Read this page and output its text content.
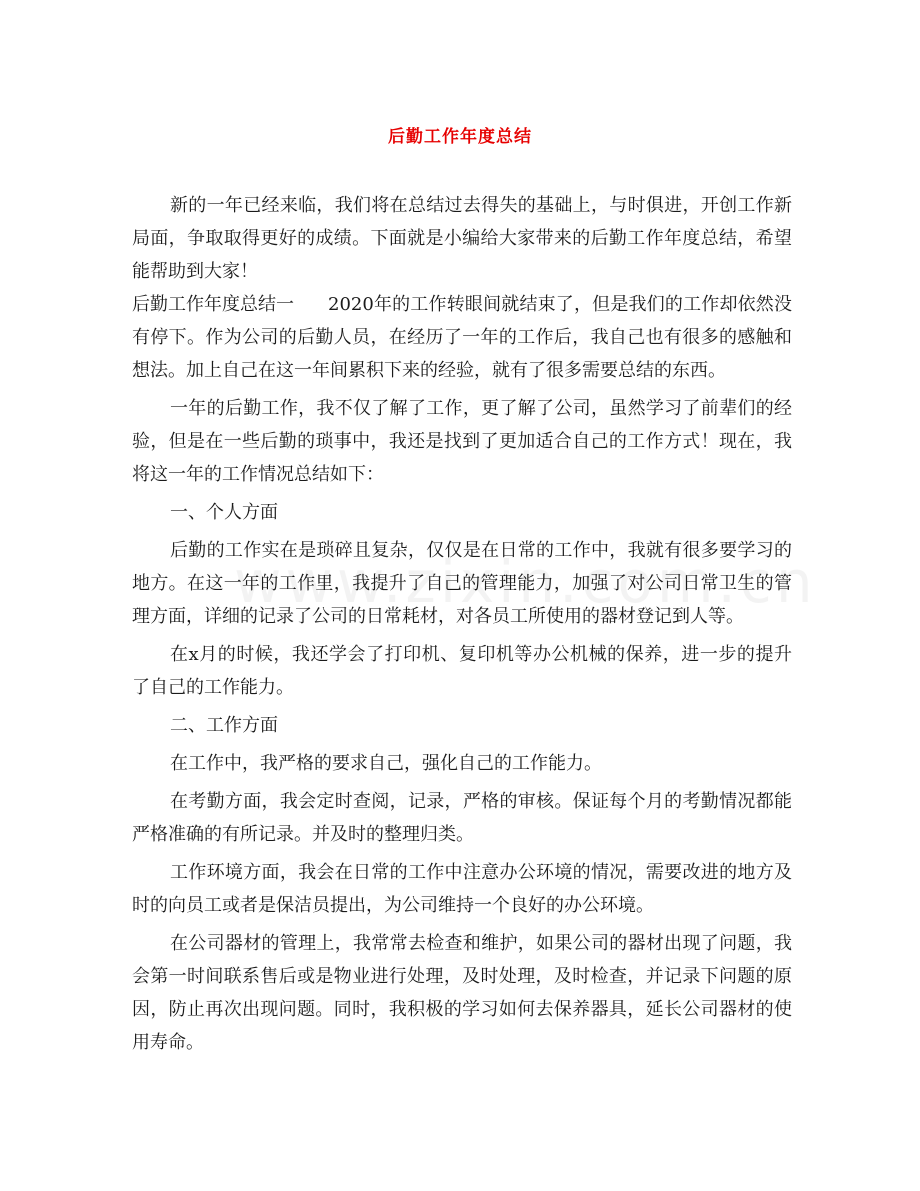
后勤工作年度总结

新的一年已经来临，我们将在总结过去得失的基础上，与时俱进，开创工作新局面，争取取得更好的成绩。下面就是小编给大家带来的后勤工作年度总结，希望能帮助到大家！

后勤工作年度总结一 2020年的工作转眼间就结束了，但是我们的工作却依然没有停下。作为公司的后勤人员，在经历了一年的工作后，我自己也有很多的感触和想法。加上自己在这一年间累积下来的经验，就有了很多需要总结的东西。

一年的后勤工作，我不仅了解了工作，更了解了公司，虽然学习了前辈们的经验，但是在一些后勤的琐事中，我还是找到了更加适合自己的工作方式！现在，我将这一年的工作情况总结如下：

一、个人方面

后勤的工作实在是琐碎且复杂，仅仅是在日常的工作中，我就有很多要学习的地方。在这一年的工作里，我提升了自己的管理能力，加强了对公司日常卫生的管理方面，详细的记录了公司的日常耗材，对各员工所使用的器材登记到人等。

在x月的时候，我还学会了打印机、复印机等办公机械的保养，进一步的提升了自己的工作能力。

二、工作方面

在工作中，我严格的要求自己，强化自己的工作能力。

在考勤方面，我会定时查阅，记录，严格的审核。保证每个月的考勤情况都能严格准确的有所记录。并及时的整理归类。

工作环境方面，我会在日常的工作中注意办公环境的情况，需要改进的地方及时的向员工或者是保洁员提出，为公司维持一个良好的办公环境。

在公司器材的管理上，我常常去检查和维护，如果公司的器材出现了问题，我会第一时间联系售后或是物业进行处理，及时处理，及时检查，并记录下问题的原因，防止再次出现问题。同时，我积极的学习如何去保养器具，延长公司器材的使用寿命。
